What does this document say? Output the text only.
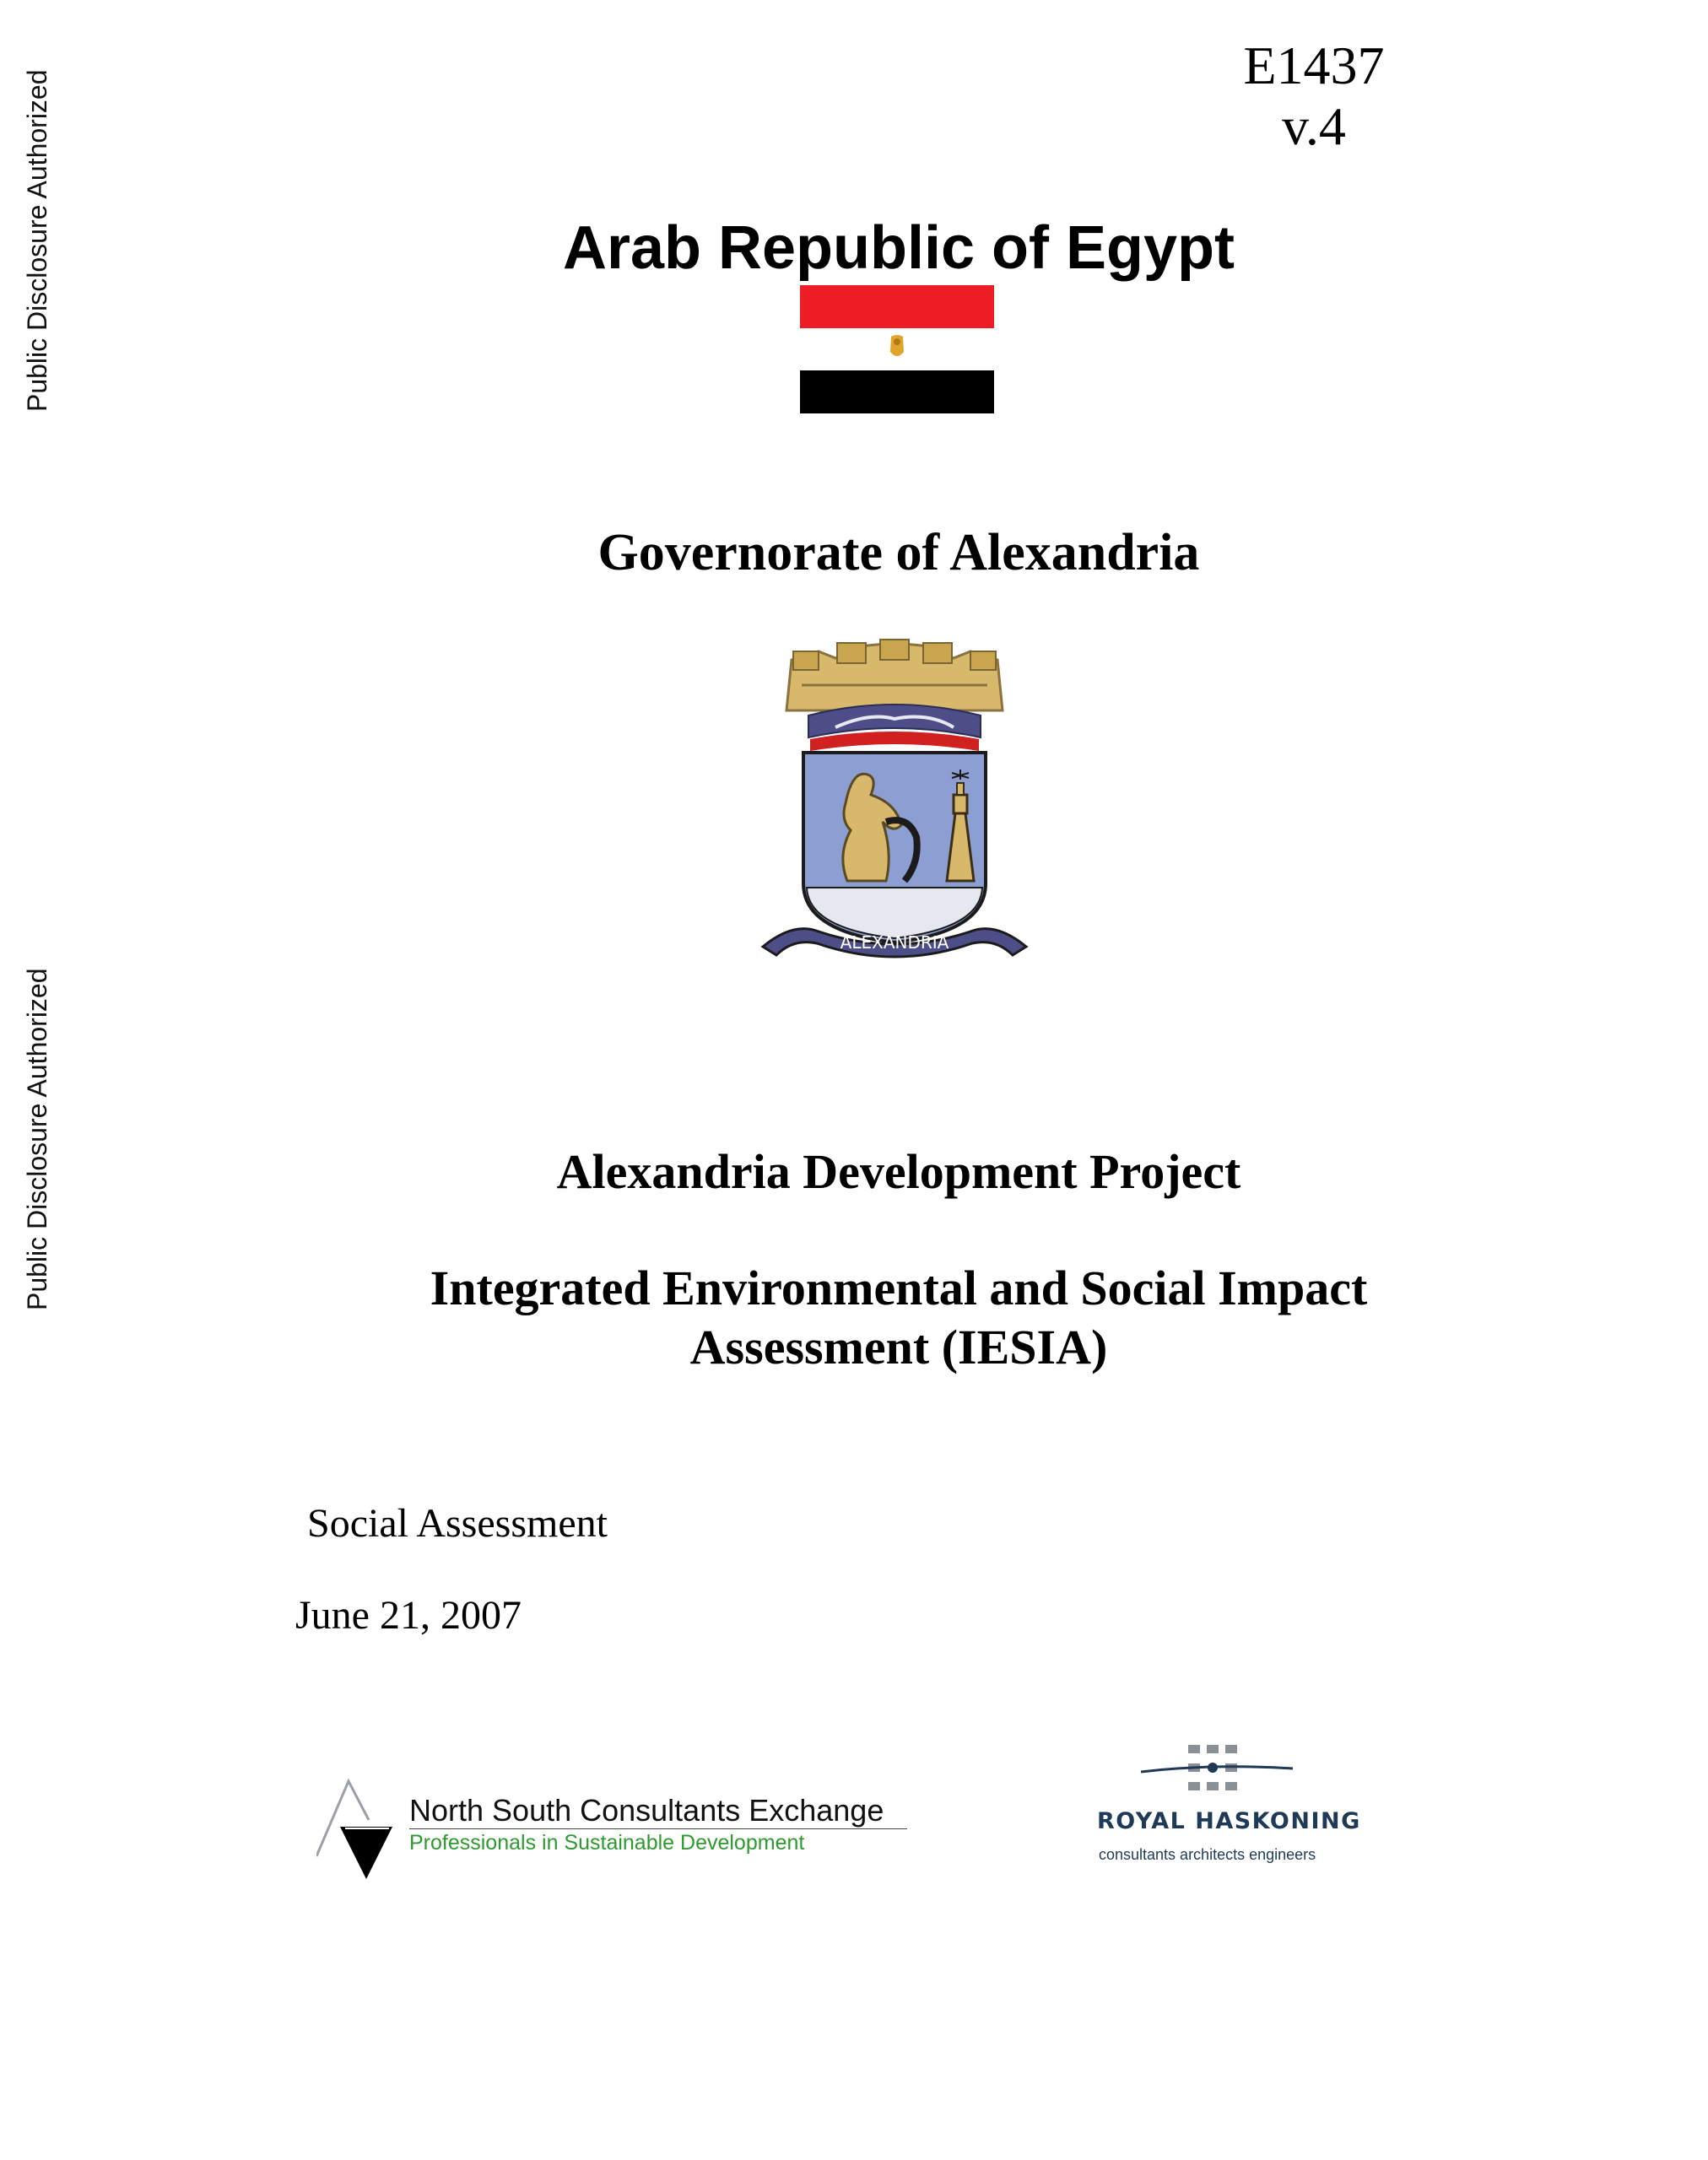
Public Disclosure Authorized
Public Disclosure Authorized
E1437
v.4
Arab Republic of Egypt
Governorate of Alexandria
ALEXANDRIA
Alexandria Development Project
Integrated Environmental and Social Impact
Assessment (IESIA)
Social Assessment
June 21, 2007
North South Consultants Exchange
Professionals in Sustainable Development
ROYAL HASKONING
consultants architects engineers
